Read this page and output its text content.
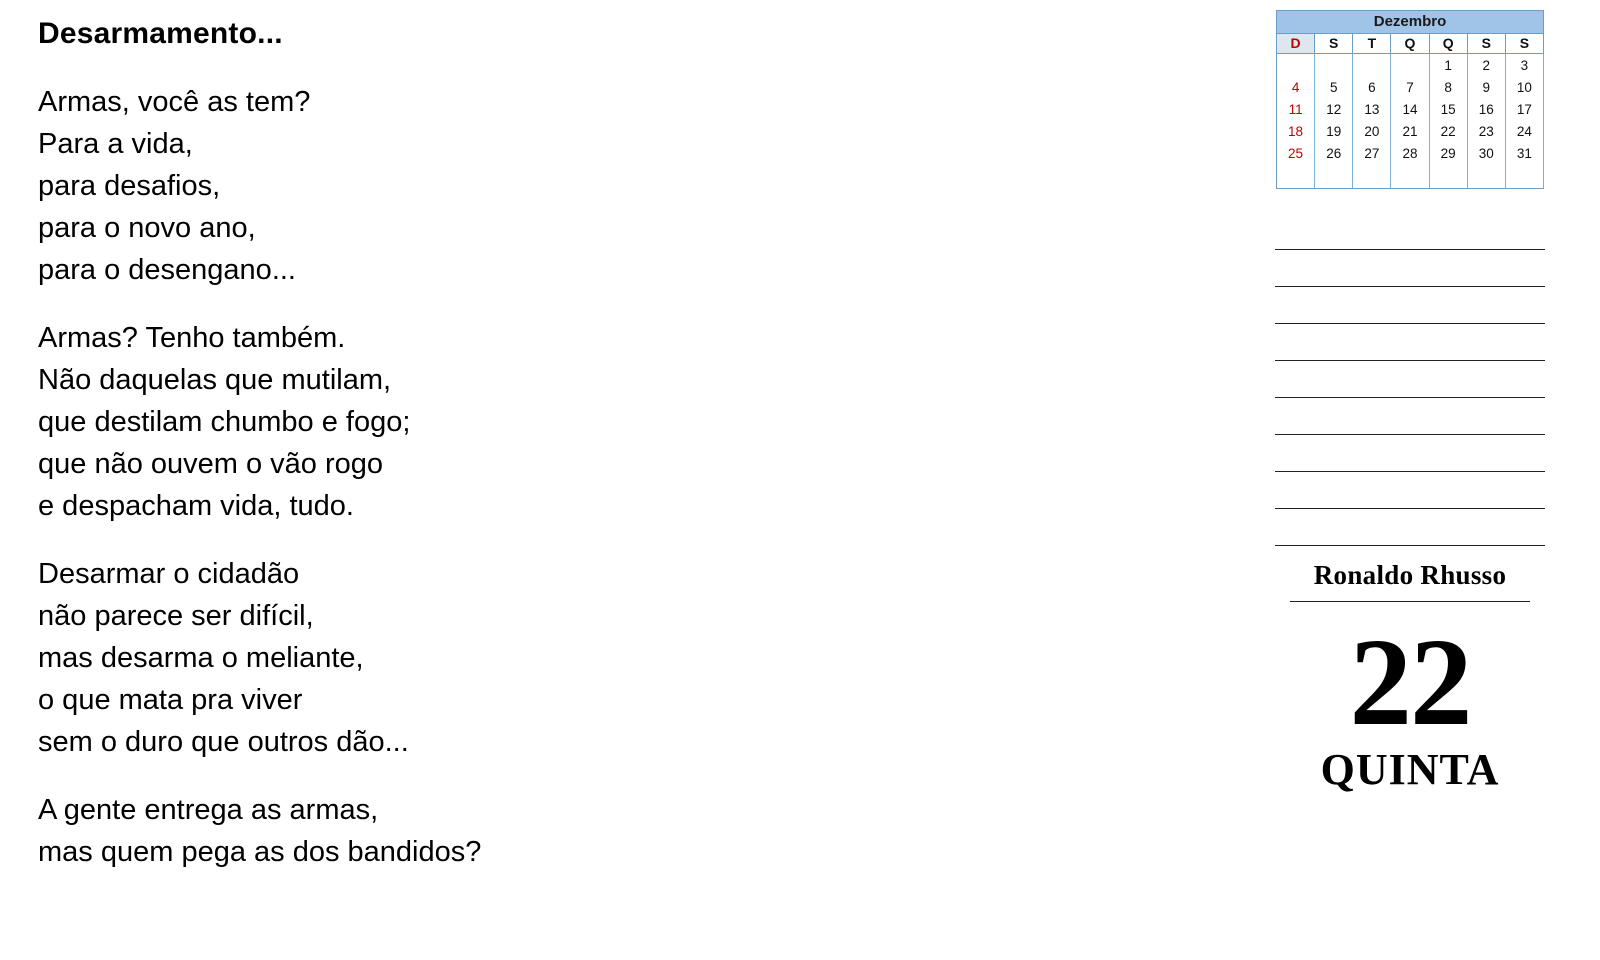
Desarmamento...
Armas, você as tem?
Para a vida,
para desafios,
para o novo ano,
para o desengano...
Armas? Tenho também.
Não daquelas que mutilam,
que destilam chumbo e fogo;
que não ouvem o vão rogo
e despacham vida, tudo.
Desarmar o cidadão
não parece ser difícil,
mas desarma o meliante,
o que mata pra viver
sem o duro que outros dão...
A gente entrega as armas,
mas quem pega as dos bandidos?
Dezembro
D	S	T	Q	Q	S	S
				1	2	3
4	5	6	7	8	9	10
11	12	13	14	15	16	17
18	19	20	21	22	23	24
25	26	27	28	29	30	31

Ronaldo Rhusso
22
QUINTA
